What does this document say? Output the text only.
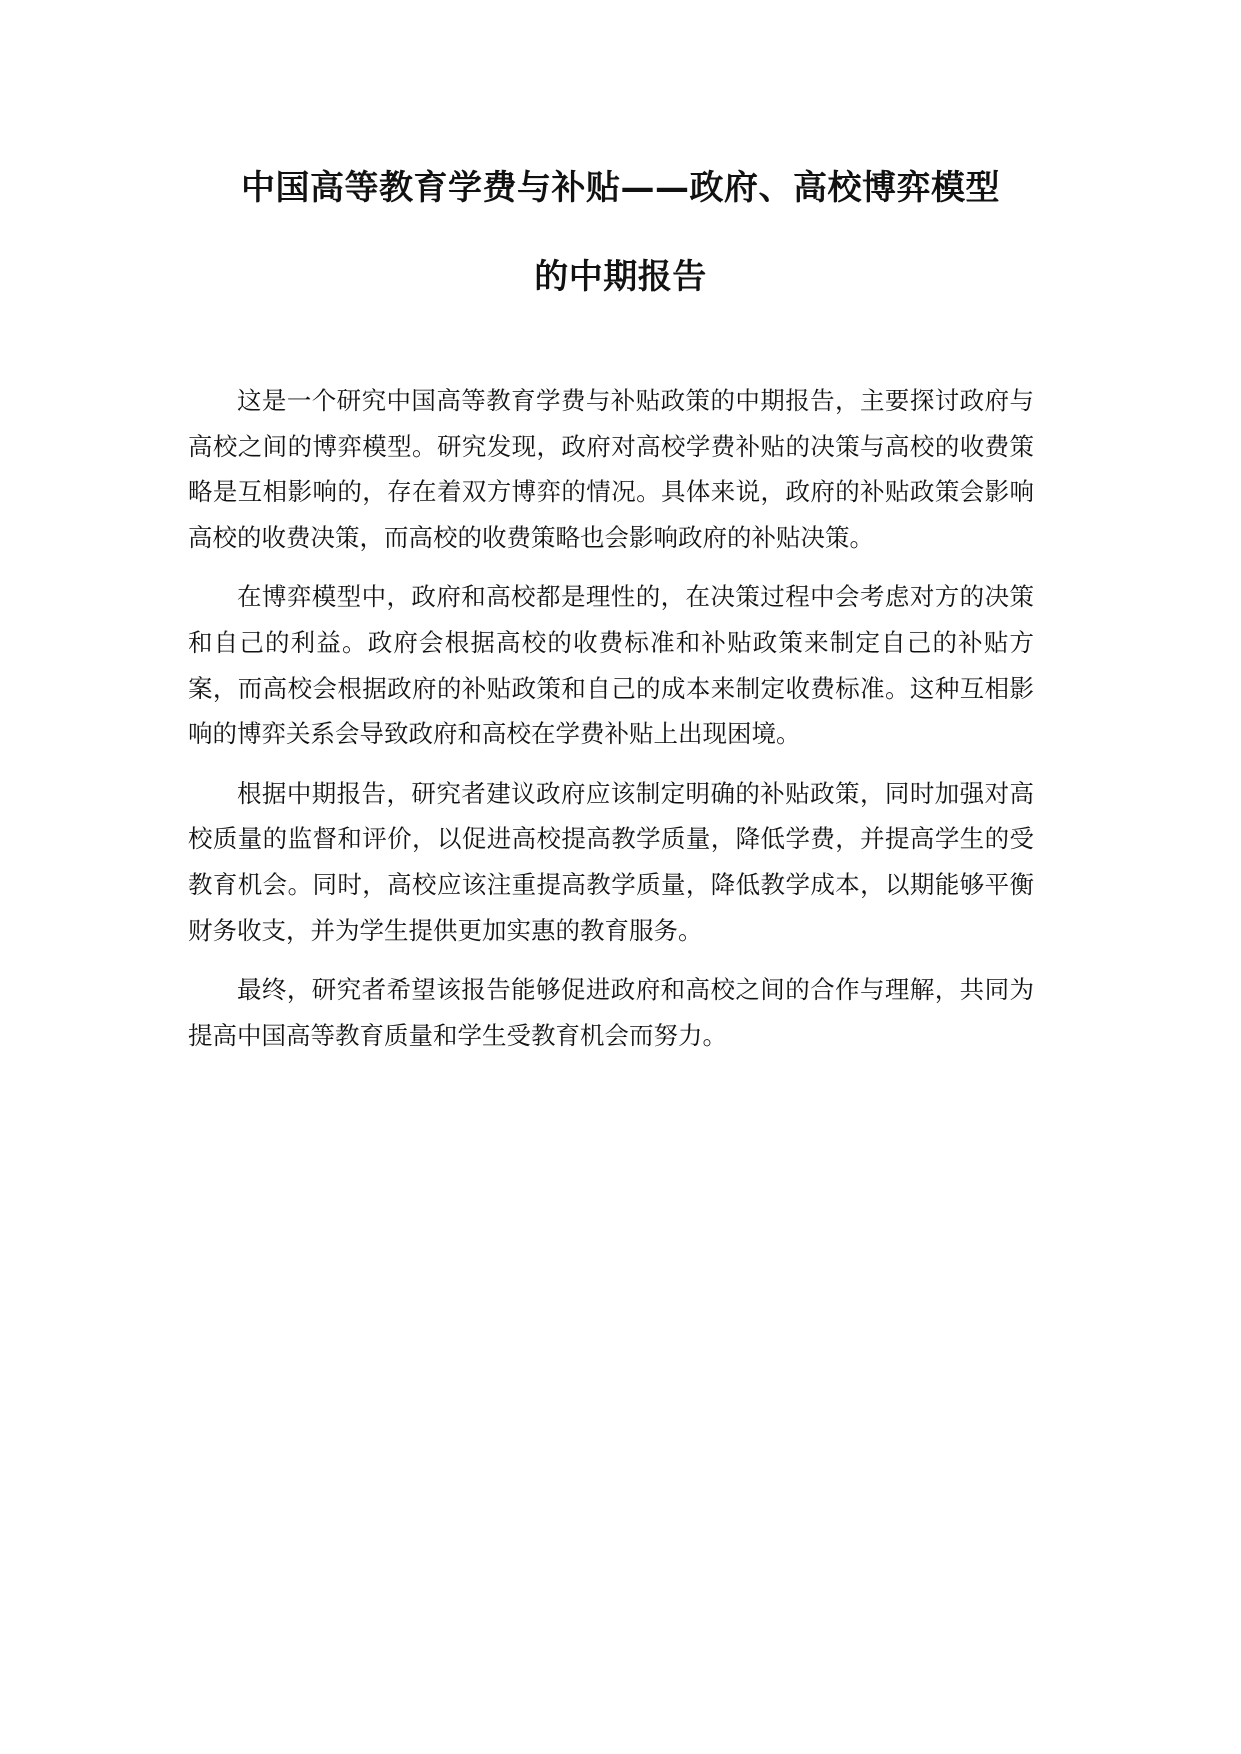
中国高等教育学费与补贴——政府、高校博弈模型
的中期报告

这是一个研究中国高等教育学费与补贴政策的中期报告，主要探讨政府与高校之间的博弈模型。研究发现，政府对高校学费补贴的决策与高校的收费策略是互相影响的，存在着双方博弈的情况。具体来说，政府的补贴政策会影响高校的收费决策，而高校的收费策略也会影响政府的补贴决策。

在博弈模型中，政府和高校都是理性的，在决策过程中会考虑对方的决策和自己的利益。政府会根据高校的收费标准和补贴政策来制定自己的补贴方案，而高校会根据政府的补贴政策和自己的成本来制定收费标准。这种互相影响的博弈关系会导致政府和高校在学费补贴上出现困境。

根据中期报告，研究者建议政府应该制定明确的补贴政策，同时加强对高校质量的监督和评价，以促进高校提高教学质量，降低学费，并提高学生的受教育机会。同时，高校应该注重提高教学质量，降低教学成本，以期能够平衡财务收支，并为学生提供更加实惠的教育服务。

最终，研究者希望该报告能够促进政府和高校之间的合作与理解，共同为提高中国高等教育质量和学生受教育机会而努力。
